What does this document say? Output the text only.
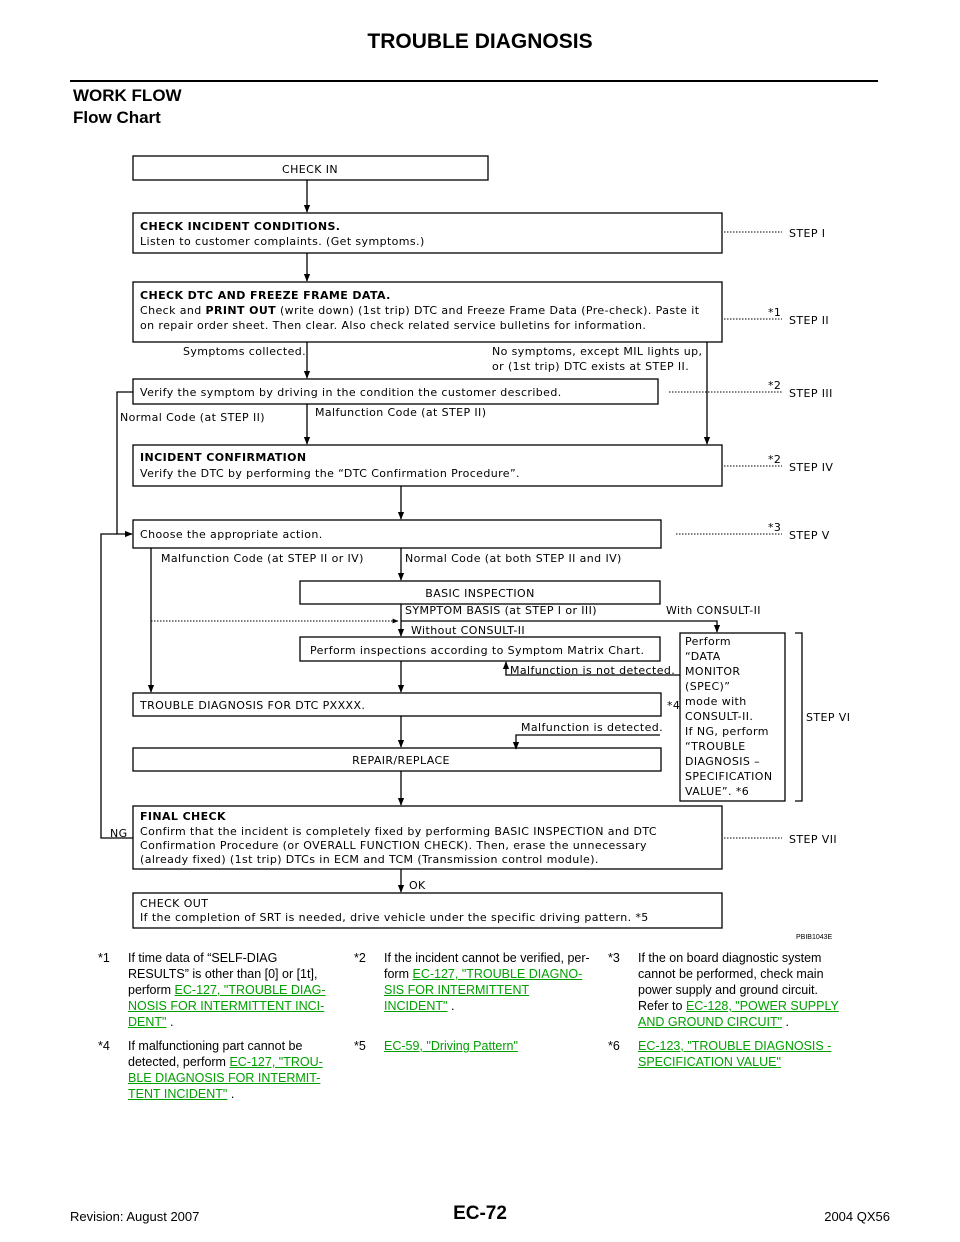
TROUBLE DIAGNOSIS
WORK FLOW
Flow Chart
CHECK IN
CHECK INCIDENT CONDITIONS.
Listen to customer complaints. (Get symptoms.)
CHECK DTC AND FREEZE FRAME DATA.
Check and PRINT OUT (write down) (1st trip) DTC and Freeze Frame Data (Pre-check). Paste it
on repair order sheet. Then clear. Also check related service bulletins for information.
Symptoms collected.	No symptoms, except MIL lights up,
or (1st trip) DTC exists at STEP II.
Verify the symptom by driving in the condition the customer described.
Normal Code (at STEP II)	Malfunction Code (at STEP II)
INCIDENT CONFIRMATION
Verify the DTC by performing the “DTC Confirmation Procedure”.
Choose the appropriate action.
Malfunction Code (at STEP II or IV)	Normal Code (at both STEP II and IV)
BASIC INSPECTION
SYMPTOM BASIS (at STEP I or III)	With CONSULT-II
Without CONSULT-II
Perform inspections according to Symptom Matrix Chart.
Malfunction is not detected.
TROUBLE DIAGNOSIS FOR DTC PXXXX.	*4
Malfunction is detected.
REPAIR/REPLACE
FINAL CHECK
Confirm that the incident is completely fixed by performing BASIC INSPECTION and DTC
Confirmation Procedure (or OVERALL FUNCTION CHECK). Then, erase the unnecessary
(already fixed) (1st trip) DTCs in ECM and TCM (Transmission control module).
NG
OK
CHECK OUT
If the completion of SRT is needed, drive vehicle under the specific driving pattern. *5
Perform
“DATA
MONITOR
(SPEC)”
mode with
CONSULT-II.
If NG, perform
“TROUBLE
DIAGNOSIS –
SPECIFICATION
VALUE”. *6
*1
*2
*2
*3
STEP I
STEP II
STEP III
STEP IV
STEP V
STEP VI
STEP VII
PBIB1043E
*1 If time data of “SELF-DIAG
RESULTS” is other than [0] or [1t],
perform EC-127, "TROUBLE DIAG-
NOSIS FOR INTERMITTENT INCI-
DENT" .
*2 If the incident cannot be verified, per-
form EC-127, "TROUBLE DIAGNO-
SIS FOR INTERMITTENT
INCIDENT" .
*3 If the on board diagnostic system
cannot be performed, check main
power supply and ground circuit.
Refer to EC-128, "POWER SUPPLY
AND GROUND CIRCUIT" .
*4 If malfunctioning part cannot be
detected, perform EC-127, "TROU-
BLE DIAGNOSIS FOR INTERMIT-
TENT INCIDENT" .
*5 EC-59, "Driving Pattern"	*6 EC-123, "TROUBLE DIAGNOSIS -
SPECIFICATION VALUE"
Revision: August 2007	EC-72	2004 QX56
